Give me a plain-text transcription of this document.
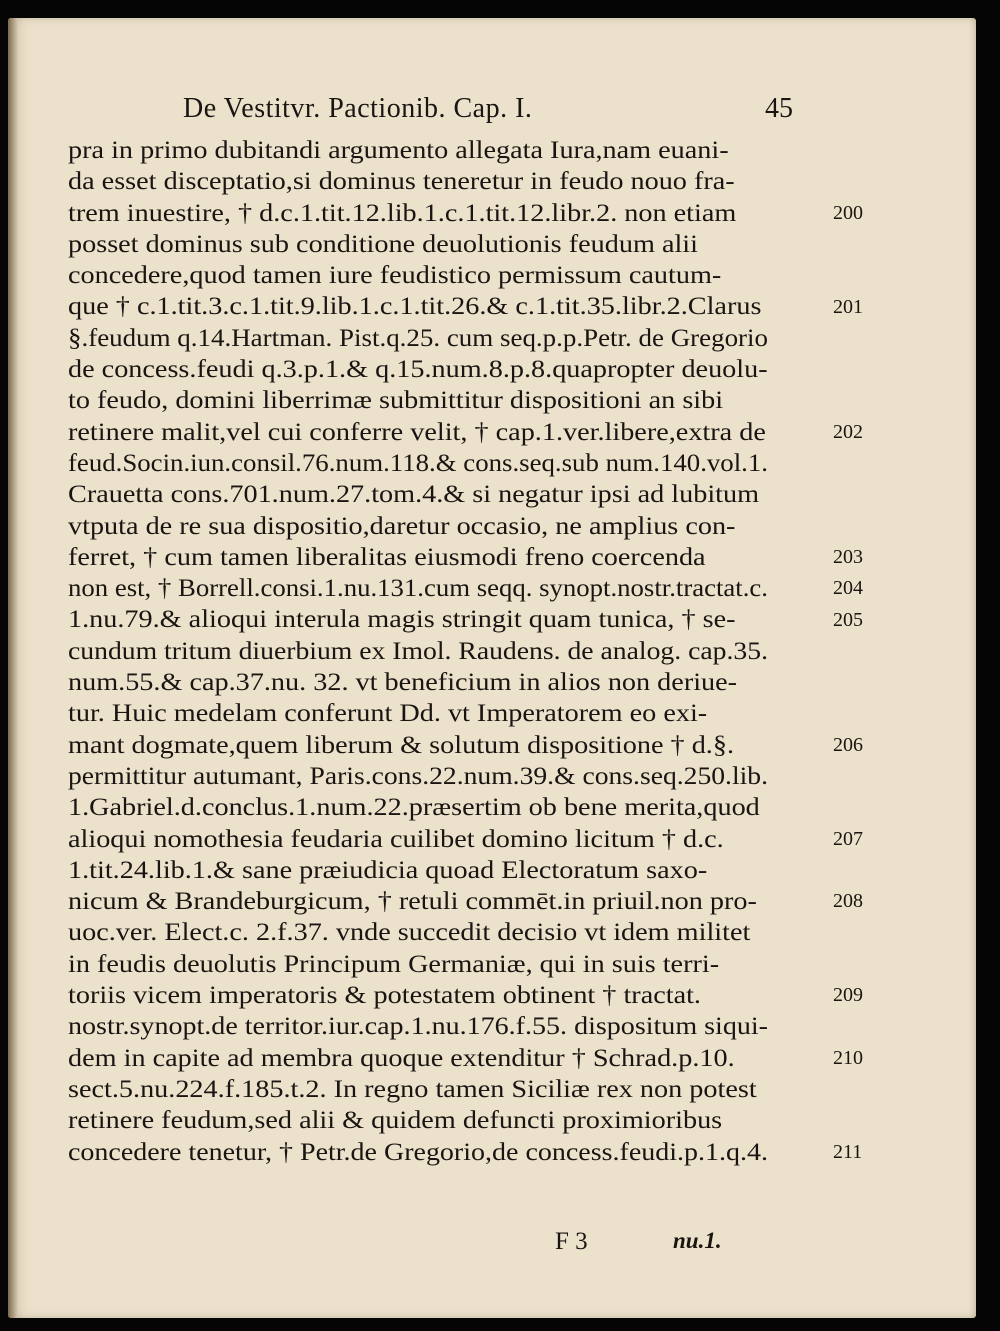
De Vestitvr. Pactionib. Cap. I.	45
pra in primo dubitandi argumento allegata Iura,nam euani-
da esset disceptatio,si dominus teneretur in feudo nouo fra-
trem inuestire, † d.c.1.tit.12.lib.1.c.1.tit.12.libr.2. non etiam
posset dominus sub conditione deuolutionis feudum alii
concedere,quod tamen iure feudistico permissum cautum-
que † c.1.tit.3.c.1.tit.9.lib.1.c.1.tit.26.& c.1.tit.35.libr.2.Clarus
§.feudum q.14.Hartman. Pist.q.25. cum seq.p.p.Petr. de Gregorio
de concess.feudi q.3.p.1.& q.15.num.8.p.8.quapropter deuolu-
to feudo, domini liberrimæ submittitur dispositioni an sibi
retinere malit,vel cui conferre velit, † cap.1.ver.libere,extra de
feud.Socin.iun.consil.76.num.118.& cons.seq.sub num.140.vol.1.
Crauetta cons.701.num.27.tom.4.& si negatur ipsi ad lubitum
vtputa de re sua dispositio,daretur occasio, ne amplius con-
ferret, † cum tamen liberalitas eiusmodi freno coercenda
non est, † Borrell.consi.1.nu.131.cum seqq. synopt.nostr.tractat.c.
1.nu.79.& alioqui interula magis stringit quam tunica, † se-
cundum tritum diuerbium ex Imol. Raudens. de analog. cap.35.
num.55.& cap.37.nu. 32. vt beneficium in alios non deriue-
tur. Huic medelam conferunt Dd. vt Imperatorem eo exi-
mant dogmate,quem liberum & solutum dispositione † d.§.
permittitur autumant, Paris.cons.22.num.39.& cons.seq.250.lib.
1.Gabriel.d.conclus.1.num.22.præsertim ob bene merita,quod
alioqui nomothesia feudaria cuilibet domino licitum † d.c.
1.tit.24.lib.1.& sane præiudicia quoad Electoratum saxo-
nicum & Brandeburgicum, † retuli commēt.in priuil.non pro-
uoc.ver. Elect.c. 2.f.37. vnde succedit decisio vt idem militet
in feudis deuolutis Principum Germaniæ, qui in suis terri-
toriis vicem imperatoris & potestatem obtinent † tractat.
nostr.synopt.de territor.iur.cap.1.nu.176.f.55. dispositum siqui-
dem in capite ad membra quoque extenditur † Schrad.p.10.
sect.5.nu.224.f.185.t.2. In regno tamen Siciliæ rex non potest
retinere feudum,sed alii & quidem defuncti proximioribus
concedere tenetur, † Petr.de Gregorio,de concess.feudi.p.1.q.4.
200
201
202
203
204
205
206
207
208
209
210
211
F 3	nu.1.
